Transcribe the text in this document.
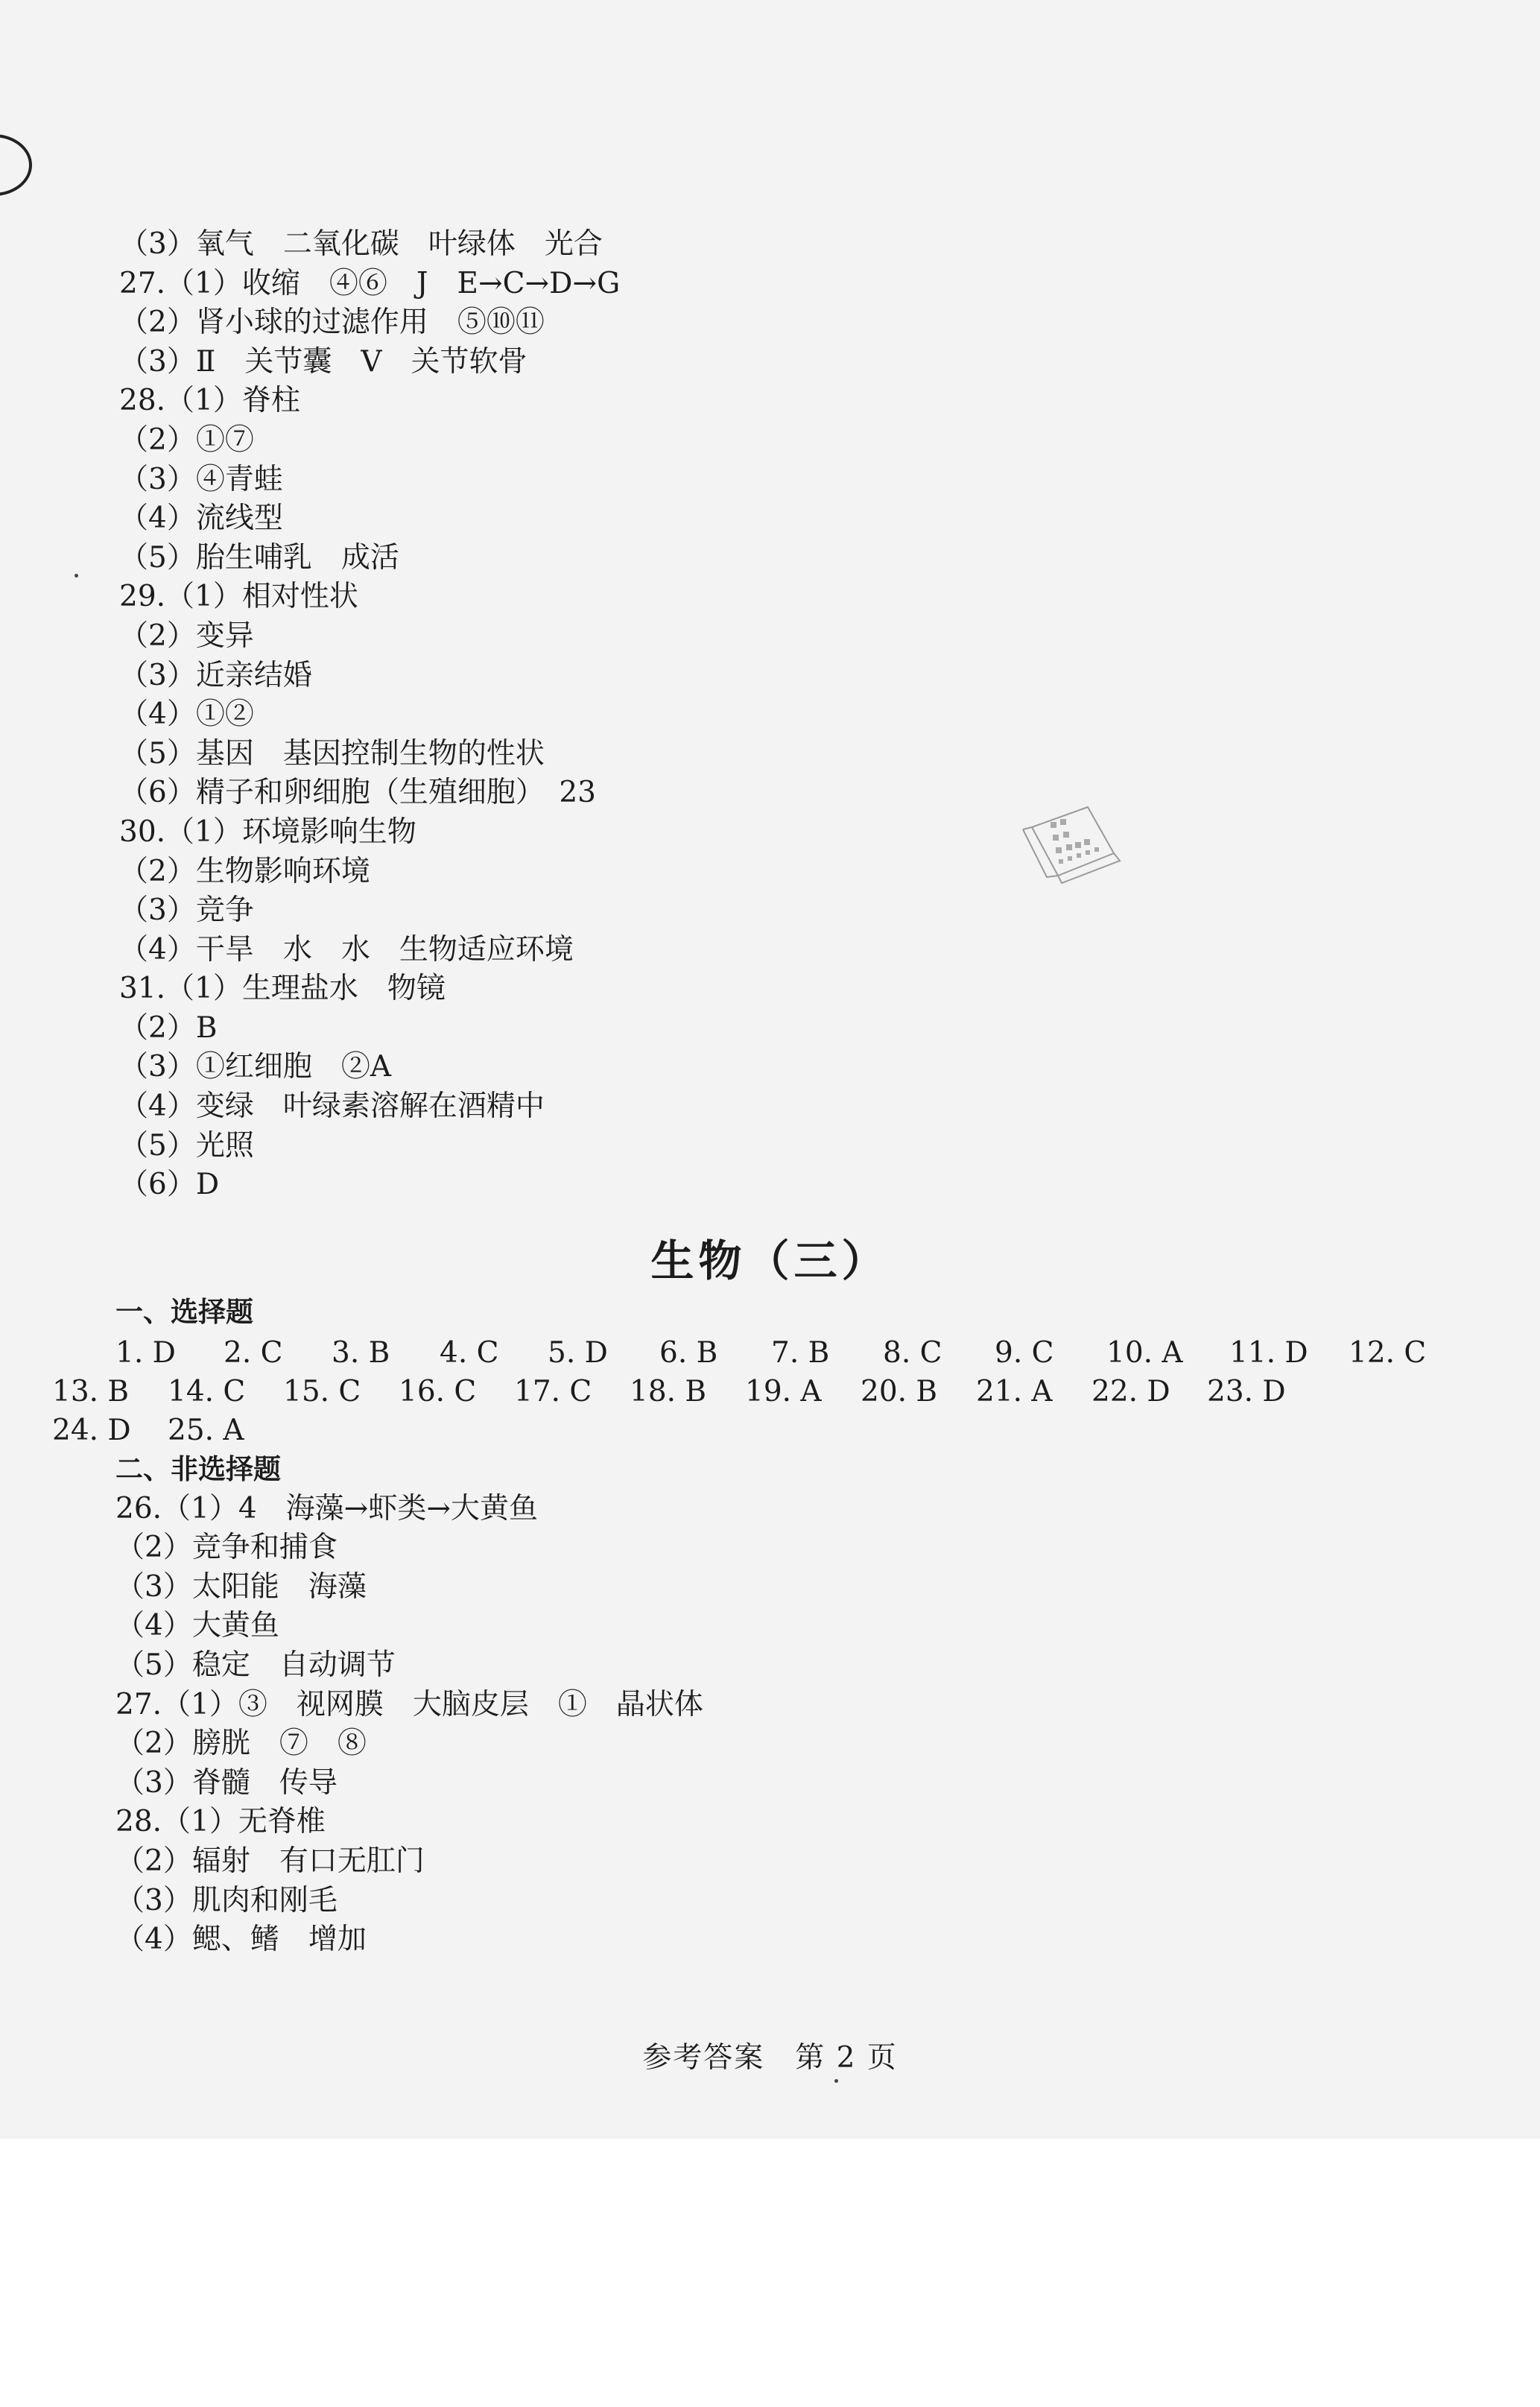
（3）氧气　二氧化碳　叶绿体　光合
27.（1）收缩　④⑥　J　E→C→D→G
（2）肾小球的过滤作用　⑤⑩⑪
（3）Ⅱ　关节囊　Ⅴ　关节软骨
28.（1）脊柱
（2）①⑦
（3）④青蛙
（4）流线型
（5）胎生哺乳　成活
29.（1）相对性状
（2）变异
（3）近亲结婚
（4）①②
（5）基因　基因控制生物的性状
（6）精子和卵细胞（生殖细胞）　23
30.（1）环境影响生物
（2）生物影响环境
（3）竞争
（4）干旱　水　水　生物适应环境
31.（1）生理盐水　物镜
（2）B
（3）①红细胞　②A
（4）变绿　叶绿素溶解在酒精中
（5）光照
（6）D
生物（三）
一、选择题
1. D 2. C 3. B 4. C 5. D 6. B 7. B 8. C 9. C 10. A 11. D 12. C
13. B 14. C 15. C 16. C 17. C 18. B 19. A 20. B 21. A 22. D 23. D
24. D 25. A
二、非选择题
26.（1）4　海藻→虾类→大黄鱼
（2）竞争和捕食
（3）太阳能　海藻
（4）大黄鱼
（5）稳定　自动调节
27.（1）③　视网膜　大脑皮层　①　晶状体
（2）膀胱　⑦　⑧
（3）脊髓　传导
28.（1）无脊椎
（2）辐射　有口无肛门
（3）肌肉和刚毛
（4）鳃、鳍　增加
参考答案　第 2 页
